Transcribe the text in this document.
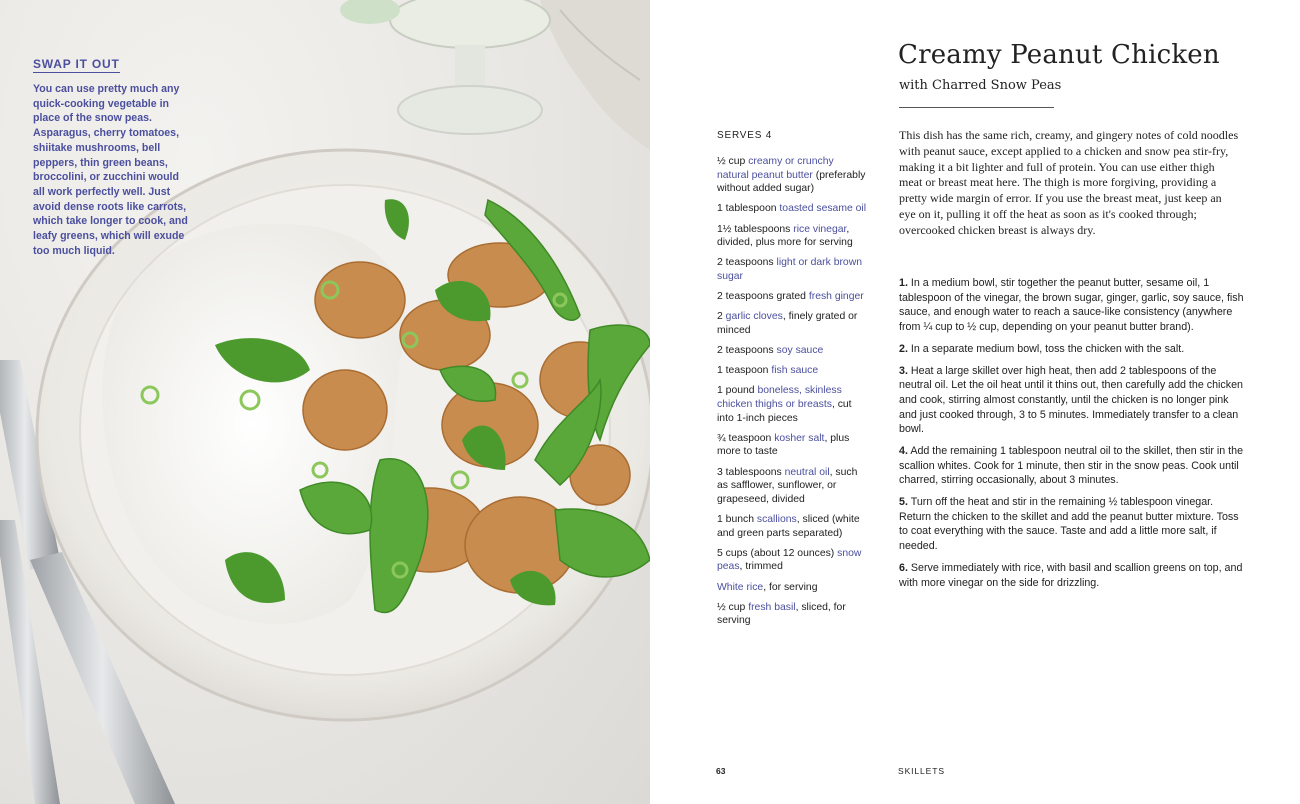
SWAP IT OUT
You can use pretty much any quick-cooking vegetable in place of the snow peas. Asparagus, cherry tomatoes, shiitake mushrooms, bell peppers, thin green beans, broccolini, or zucchini would all work perfectly well. Just avoid dense roots like carrots, which take longer to cook, and leafy greens, which will exude too much liquid.
Creamy Peanut Chicken
with Charred Snow Peas
SERVES 4
½ cup creamy or crunchy natural peanut butter (preferably without added sugar)
1 tablespoon toasted sesame oil
1½ tablespoons rice vinegar, divided, plus more for serving
2 teaspoons light or dark brown sugar
2 teaspoons grated fresh ginger
2 garlic cloves, finely grated or minced
2 teaspoons soy sauce
1 teaspoon fish sauce
1 pound boneless, skinless chicken thighs or breasts, cut into 1-inch pieces
¾ teaspoon kosher salt, plus more to taste
3 tablespoons neutral oil, such as safflower, sunflower, or grapeseed, divided
1 bunch scallions, sliced (white and green parts separated)
5 cups (about 12 ounces) snow peas, trimmed
White rice, for serving
½ cup fresh basil, sliced, for serving
This dish has the same rich, creamy, and gingery notes of cold noodles with peanut sauce, except applied to a chicken and snow pea stir-fry, making it a bit lighter and full of protein. You can use either thigh meat or breast meat here. The thigh is more forgiving, providing a pretty wide margin of error. If you use the breast meat, just keep an eye on it, pulling it off the heat as soon as it's cooked through; overcooked chicken breast is always dry.
1. In a medium bowl, stir together the peanut butter, sesame oil, 1 tablespoon of the vinegar, the brown sugar, ginger, garlic, soy sauce, fish sauce, and enough water to reach a sauce-like consistency (anywhere from ¼ cup to ½ cup, depending on your peanut butter brand).
2. In a separate medium bowl, toss the chicken with the salt.
3. Heat a large skillet over high heat, then add 2 tablespoons of the neutral oil. Let the oil heat until it thins out, then carefully add the chicken and cook, stirring almost constantly, until the chicken is no longer pink and just cooked through, 3 to 5 minutes. Immediately transfer to a clean bowl.
4. Add the remaining 1 tablespoon neutral oil to the skillet, then stir in the scallion whites. Cook for 1 minute, then stir in the snow peas. Cook until charred, stirring occasionally, about 3 minutes.
5. Turn off the heat and stir in the remaining ½ tablespoon vinegar. Return the chicken to the skillet and add the peanut butter mixture. Toss to coat everything with the sauce. Taste and add a little more salt, if needed.
6. Serve immediately with rice, with basil and scallion greens on top, and with more vinegar on the side for drizzling.
63	SKILLETS
